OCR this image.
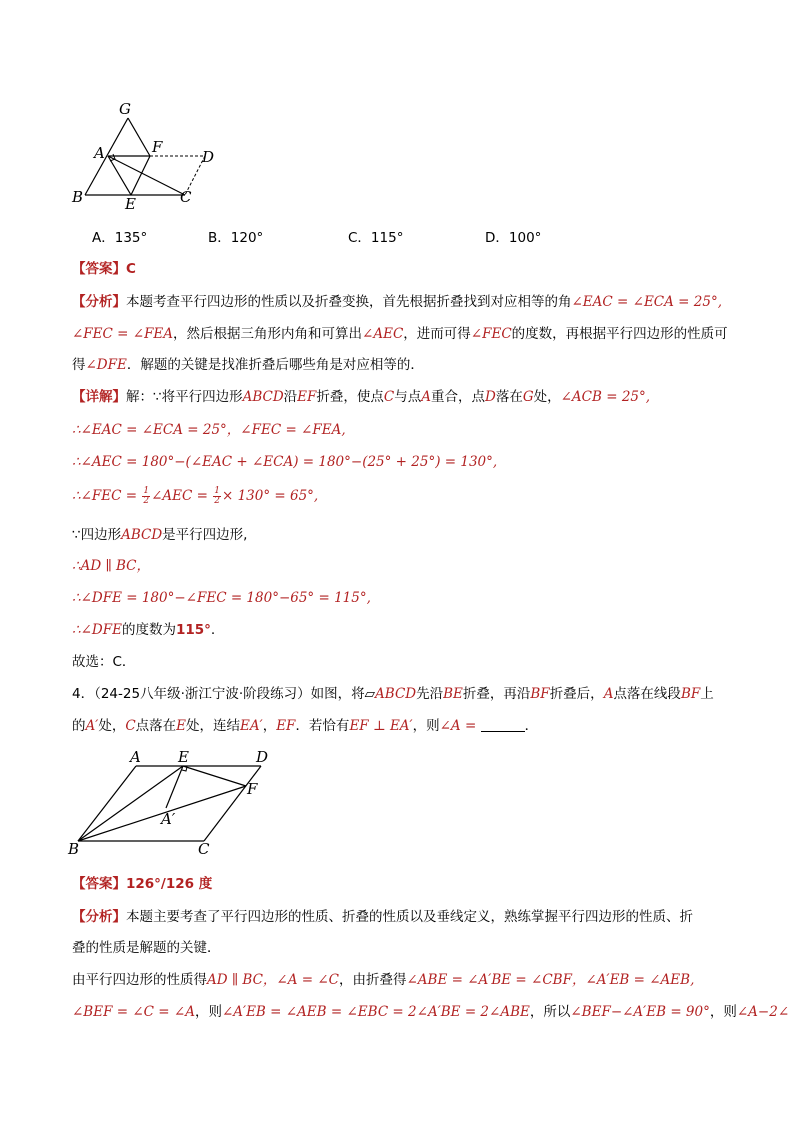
G
A	F
D
B	E	C
A．135°	B．120°	C．115°	D．100°
【答案】C
【分析】本题考查平行四边形的性质以及折叠变换，首先根据折叠找到对应相等的角∠EAC = ∠ECA = 25°,
∠FEC = ∠FEA，然后根据三角形内角和可算出∠AEC，进而可得∠FEC的度数，再根据平行四边形的性质可
得∠DFE．解题的关键是找准折叠后哪些角是对应相等的．
【详解】解：∵将平行四边形ABCD沿EF折叠，使点C与点A重合，点D落在G处，∠ACB = 25°,
∴∠EAC = ∠ECA = 25°，∠FEC = ∠FEA,
∴∠AEC = 180°−(∠EAC + ∠ECA) = 180°−(25° + 25°) = 130°,
∴∠FEC = $\frac{1}{2}$ ∠AEC = $\frac{1}{2} \times 130^\circ = 65^\circ$,
∵四边形ABCD是平行四边形,
∴AD ∥ BC，
∴∠DFE = 180°−∠FEC = 180°−65° = 115°,
∴∠DFE的度数为115°.
故选：C．
4．（24-25八年级·浙江宁波·阶段练习）如图，将▱ABCD先沿BE折叠，再沿BF折叠后，A点落在线段BF上
的A′处，C点落在E处，连结EA′，EF．若恰有EF ⊥ EA′，则∠A =	．
A E	D
F
A′
B	C
【答案】126°/126 度
【分析】本题主要考查了平行四边形的性质、折叠的性质以及垂线定义，熟练掌握平行四边形的性质、折
叠的性质是解题的关键．
由平行四边形的性质得AD ∥ BC，∠A = ∠C，由折叠得∠ABE = ∠A′BE = ∠CBF，∠A′EB = ∠AEB,
∠BEF = ∠C = ∠A，则∠A′EB = ∠AEB = ∠EBC = 2∠A′BE = 2∠ABE，所以∠BEF−∠A′EB = 90°，则∠A−2∠
